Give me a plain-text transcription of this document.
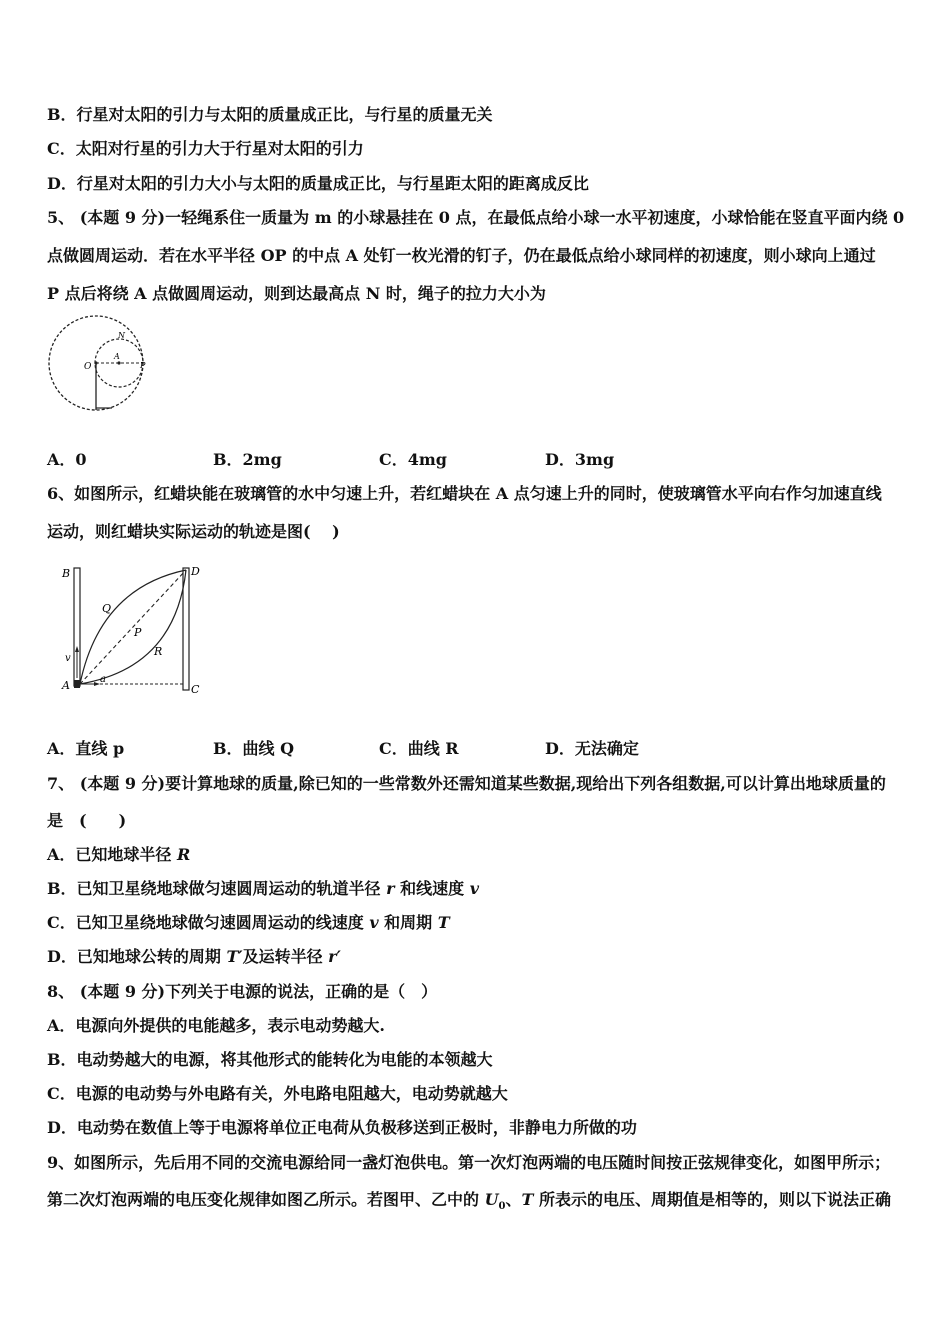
B．行星对太阳的引力与太阳的质量成正比，与行星的质量无关
C．太阳对行星的引力大于行星对太阳的引力
D．行星对太阳的引力大小与太阳的质量成正比，与行星距太阳的距离成反比
5、 (本题 9 分)一轻绳系住一质量为 m 的小球悬挂在 0 点，在最低点给小球一水平初速度，小球恰能在竖直平面内绕 0
点做圆周运动．若在水平半径 OP 的中点 A 处钉一枚光滑的钉子，仍在最低点给小球同样的初速度，则小球向上通过
P 点后将绕 A 点做圆周运动，则到达最高点 N 时，绳子的拉力大小为
O
A
P
N
A．0	B．2mg	C．4mg	D．3mg
6、如图所示，红蜡块能在玻璃管的水中匀速上升，若红蜡块在 A 点匀速上升的同时，使玻璃管水平向右作匀加速直线
运动，则红蜡块实际运动的轨迹是图(　 )
B	D
Q
P
R
v
A	a
C
A．直线 p	B．曲线 Q	C．曲线 R	D．无法确定
7、 (本题 9 分)要计算地球的质量,除已知的一些常数外还需知道某些数据,现给出下列各组数据,可以计算出地球质量的
是　(　　)
A．已知地球半径 R
B．已知卫星绕地球做匀速圆周运动的轨道半径 r 和线速度 v
C．已知卫星绕地球做匀速圆周运动的线速度 v 和周期 T
D．已知地球公转的周期 T′及运转半径 r′
8、 (本题 9 分)下列关于电源的说法，正确的是（　）
A．电源向外提供的电能越多，表示电动势越大.
B．电动势越大的电源，将其他形式的能转化为电能的本领越大
C．电源的电动势与外电路有关，外电路电阻越大，电动势就越大
D．电动势在数值上等于电源将单位正电荷从负极移送到正极时，非静电力所做的功
9、如图所示，先后用不同的交流电源给同一盏灯泡供电。第一次灯泡两端的电压随时间按正弦规律变化，如图甲所示；
第二次灯泡两端的电压变化规律如图乙所示。若图甲、乙中的 $U_0$、T 所表示的电压、周期值是相等的，则以下说法正确
